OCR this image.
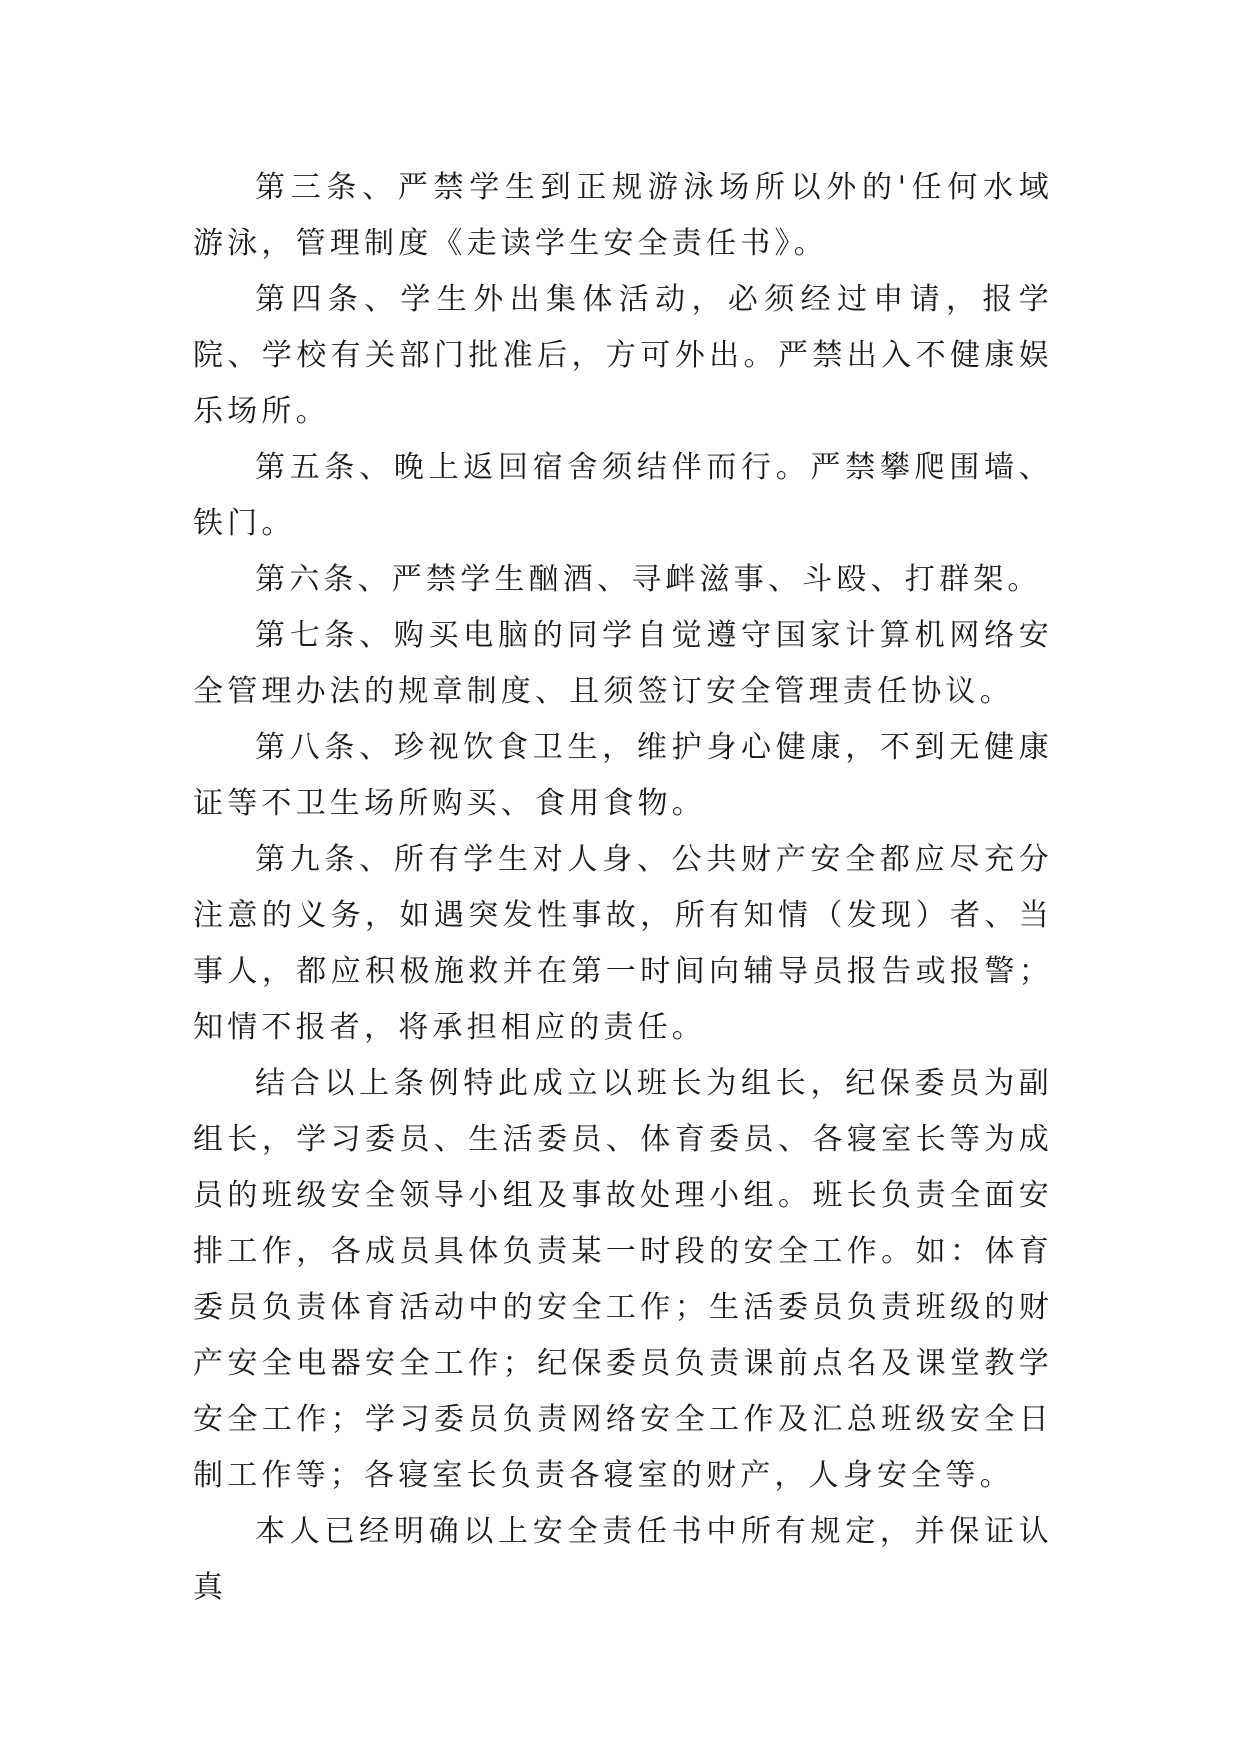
第三条、严禁学生到正规游泳场所以外的'任何水域游泳，管理制度《走读学生安全责任书》。

第四条、学生外出集体活动，必须经过申请，报学院、学校有关部门批准后，方可外出。严禁出入不健康娱乐场所。

第五条、晚上返回宿舍须结伴而行。严禁攀爬围墙、铁门。

第六条、严禁学生酗酒、寻衅滋事、斗殴、打群架。

第七条、购买电脑的同学自觉遵守国家计算机网络安全管理办法的规章制度、且须签订安全管理责任协议。

第八条、珍视饮食卫生，维护身心健康，不到无健康证等不卫生场所购买、食用食物。

第九条、所有学生对人身、公共财产安全都应尽充分注意的义务，如遇突发性事故，所有知情（发现）者、当事人，都应积极施救并在第一时间向辅导员报告或报警；知情不报者，将承担相应的责任。

结合以上条例特此成立以班长为组长，纪保委员为副组长，学习委员、生活委员、体育委员、各寝室长等为成员的班级安全领导小组及事故处理小组。班长负责全面安排工作，各成员具体负责某一时段的安全工作。如：体育委员负责体育活动中的安全工作；生活委员负责班级的财产安全电器安全工作；纪保委员负责课前点名及课堂教学安全工作；学习委员负责网络安全工作及汇总班级安全日制工作等；各寝室长负责各寝室的财产，人身安全等。

本人已经明确以上安全责任书中所有规定，并保证认真
